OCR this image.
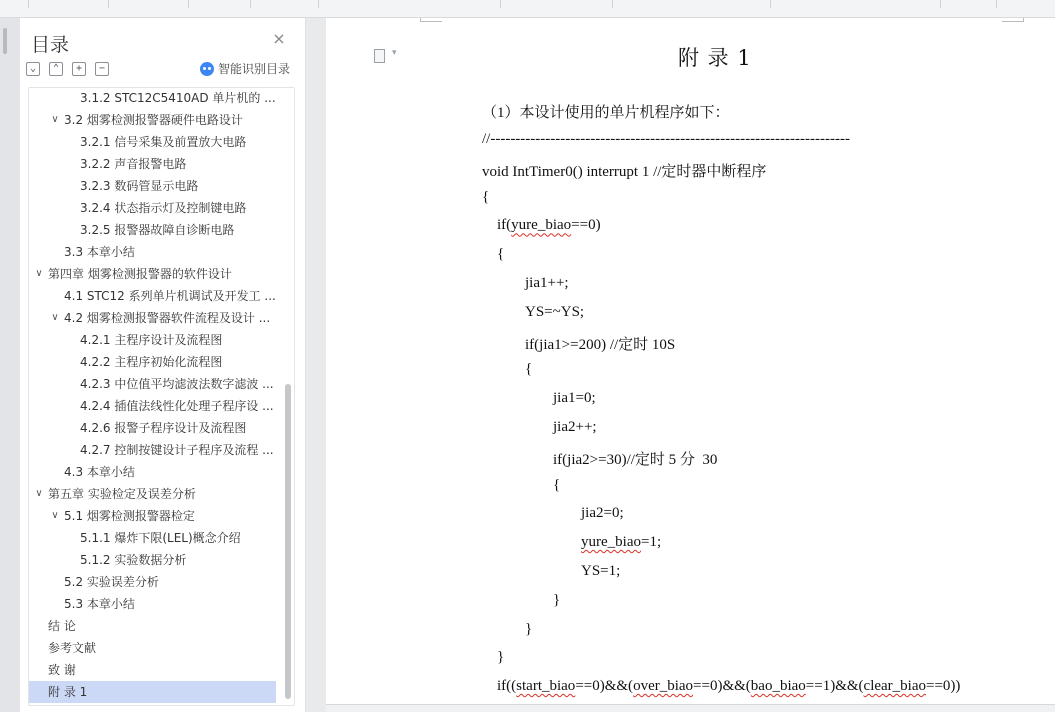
目录	×
⌄	⌃	+	−	智能识别目录
附 录 1
致 谢
参考文献
结 论
5.3 本章小结
5.2 实验误差分析
5.1.2 实验数据分析
5.1.1 爆炸下限(LEL)概念介绍
∨ 5.1 烟雾检测报警器检定
∨ 第五章 实验检定及误差分析
4.3 本章小结
4.2.7 控制按键设计子程序及流程 ...
4.2.6 报警子程序设计及流程图
4.2.4 插值法线性化处理子程序设 ...
4.2.3 中位值平均滤波法数字滤波 ...
4.2.2 主程序初始化流程图
4.2.1 主程序设计及流程图
∨ 4.2 烟雾检测报警器软件流程及设计 ...
4.1 STC12 系列单片机调试及开发工 ...
∨ 第四章 烟雾检测报警器的软件设计
3.3 本章小结
3.2.5 报警器故障自诊断电路
3.2.4 状态指示灯及控制键电路
3.2.3 数码管显示电路
3.2.2 声音报警电路
3.2.1 信号采集及前置放大电路
∨ 3.2 烟雾检测报警器硬件电路设计
3.1.2 STC12C5410AD 单片机的 ...
▾	附 录 1
（1）本设计使用的单片机程序如下：
//------------------------------------------------------------------------
void IntTimer0() interrupt 1 //定时器中断程序
{
if(yure_biao==0)
{
jia1++;
YS=~YS;
if(jia1>=200) //定时 10S
{
jia1=0;
jia2++;
if(jia2>=30)//定时 5 分  30
{
jia2=0;
yure_biao=1;
YS=1;
}
}
}
if((start_biao==0)&&(over_biao==0)&&(bao_biao==1)&&(clear_biao==0))
